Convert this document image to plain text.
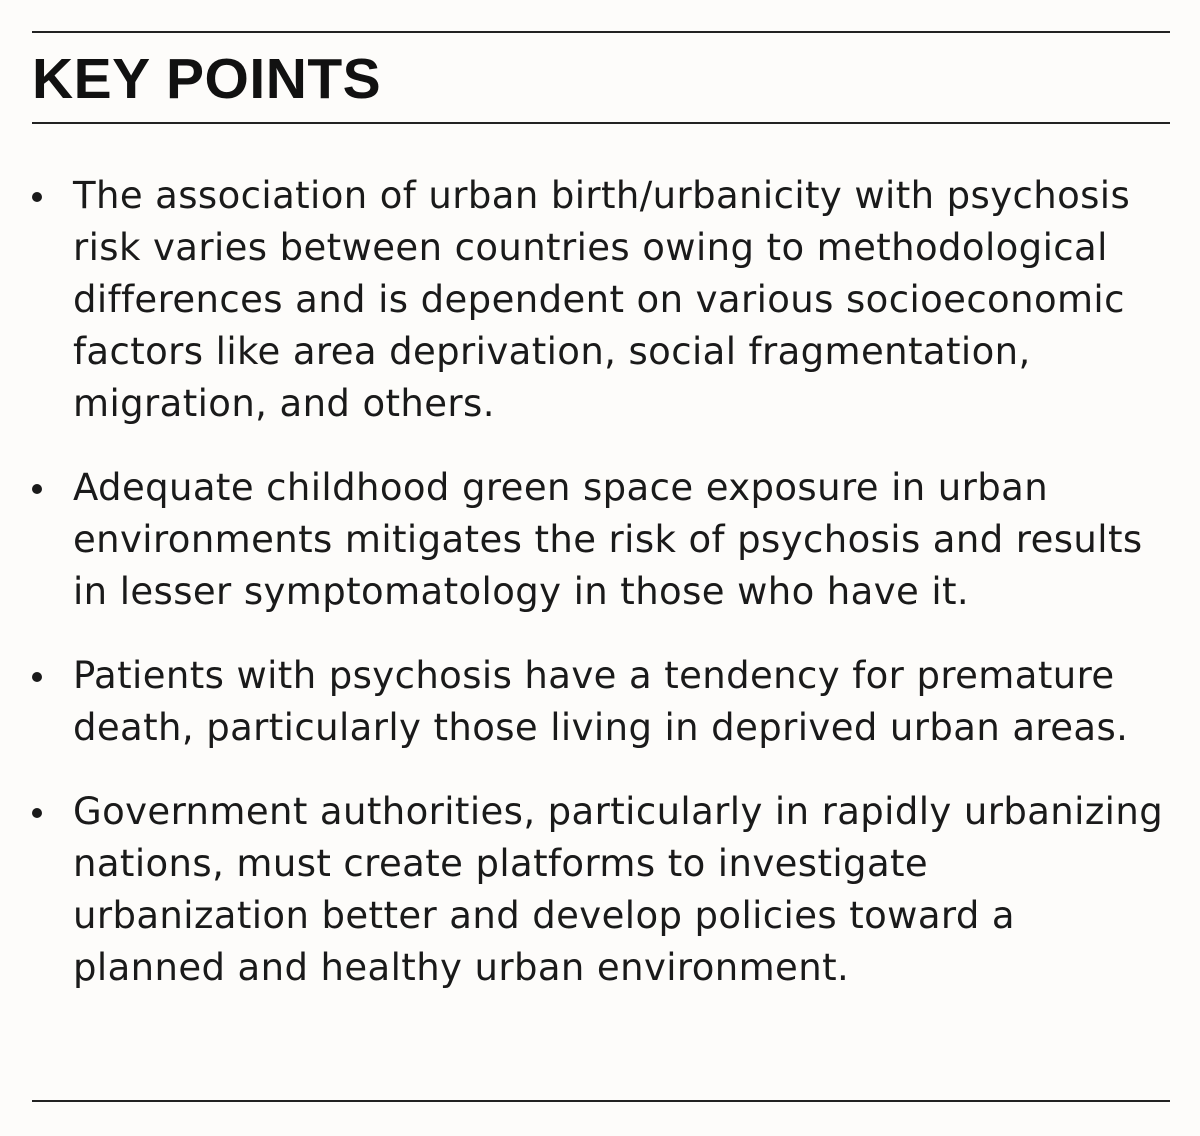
KEY POINTS
The association of urban birth/urbanicity with psychosis risk varies between countries owing to methodological differences and is dependent on various socioeconomic factors like area deprivation, social fragmentation, migration, and others.
Adequate childhood green space exposure in urban environments mitigates the risk of psychosis and results in lesser symptomatology in those who have it.
Patients with psychosis have a tendency for premature death, particularly those living in deprived urban areas.
Government authorities, particularly in rapidly urbanizing nations, must create platforms to investigate urbanization better and develop policies toward a planned and healthy urban environment.
